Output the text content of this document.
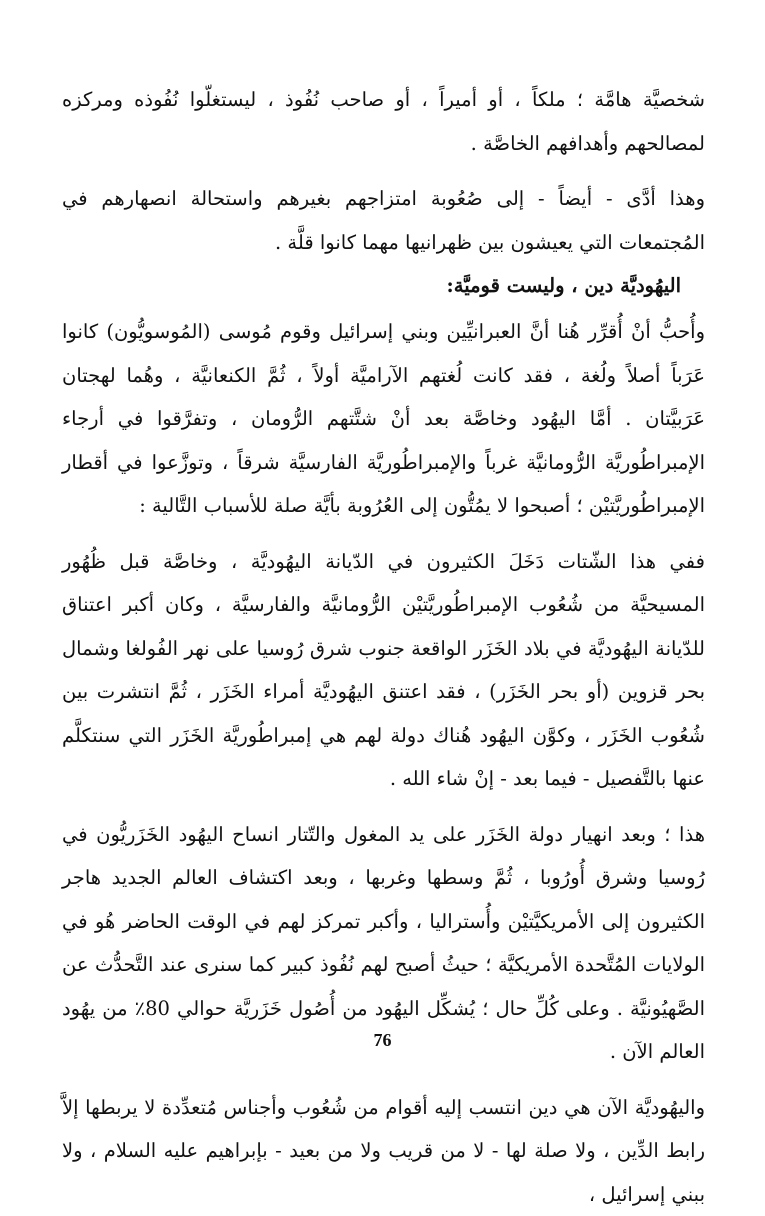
شخصيَّة هامَّة ؛ ملكاً ، أو أميراً ، أو صاحب نُفُوذ ، ليستغلّوا نُفُوذه ومركزه لمصالحهم وأهدافهم الخاصَّة .

وهذا أدَّى - أيضاً - إلى صُعُوبة امتزاجهم بغيرهم واستحالة انصهارهم في المُجتمعات التي يعيشون بين ظهرانيها مهما كانوا قلَّة .

اليهُوديَّة دين ، وليست قوميَّة:

وأُحبُّ أنْ أُقرِّر هُنا أنَّ العبرانيِّين وبني إسرائيل وقوم مُوسى (المُوسويُّون) كانوا عَرَباً أصلاً ولُغة ، فقد كانت لُغتهم الآراميَّة أولاً ، ثُمَّ الكنعانيَّة ، وهُما لهجتان عَرَبيَّتان . أمَّا اليهُود وخاصَّة بعد أنْ شتَّتهم الرُّومان ، وتفرَّقوا في أرجاء الإمبراطُوريَّة الرُّومانيَّة غرباً والإمبراطُوريَّة الفارسيَّة شرقاً ، وتوزَّعوا في أقطار الإمبراطُوريَّتيْن ؛ أصبحوا لا يمُتُّون إلى العُرُوبة بأيَّة صلة للأسباب التَّالية :

ففي هذا الشّتات دَخَلَ الكثيرون في الدّيانة اليهُوديَّة ، وخاصَّة قبل ظُهُور المسيحيَّة من شُعُوب الإمبراطُوريَّتيْن الرُّومانيَّة والفارسيَّة ، وكان أكبر اعتناق للدّيانة اليهُوديَّة في بلاد الخَزَر الواقعة جنوب شرق رُوسيا على نهر الفُولغا وشمال بحر قزوين (أو بحر الخَزَر) ، فقد اعتنق اليهُوديَّة أمراء الخَزَر ، ثُمَّ انتشرت بين شُعُوب الخَزَر ، وكوَّن اليهُود هُناك دولة لهم هي إمبراطُوريَّة الخَزَر التي سنتكلَّم عنها بالتَّفصيل - فيما بعد - إنْ شاء الله .

هذا ؛ وبعد انهيار دولة الخَزَر على يد المغول والتّتار انساح اليهُود الخَزَريُّون في رُوسيا وشرق أُورُوبا ، ثُمَّ وسطها وغربها ، وبعد اكتشاف العالم الجديد هاجر الكثيرون إلى الأمريكيَّتيْن وأُستراليا ، وأكبر تمركز لهم في الوقت الحاضر هُو في الولايات المُتَّحدة الأمريكيَّة ؛ حيثُ أصبح لهم نُفُوذ كبير كما سنرى عند التَّحدُّث عن الصَّهيُونيَّة . وعلى كُلِّ حال ؛ يُشكِّل اليهُود من أُصُول خَزَريَّة حوالي 80٪ من يهُود العالم الآن .

واليهُوديَّة الآن هي دين انتسب إليه أقوام من شُعُوب وأجناس مُتعدِّدة لا يربطها إلاَّ رابط الدِّين ، ولا صلة لها - لا من قريب ولا من بعيد - بإبراهيم عليه السلام ، ولا ببني إسرائيل ،

76
